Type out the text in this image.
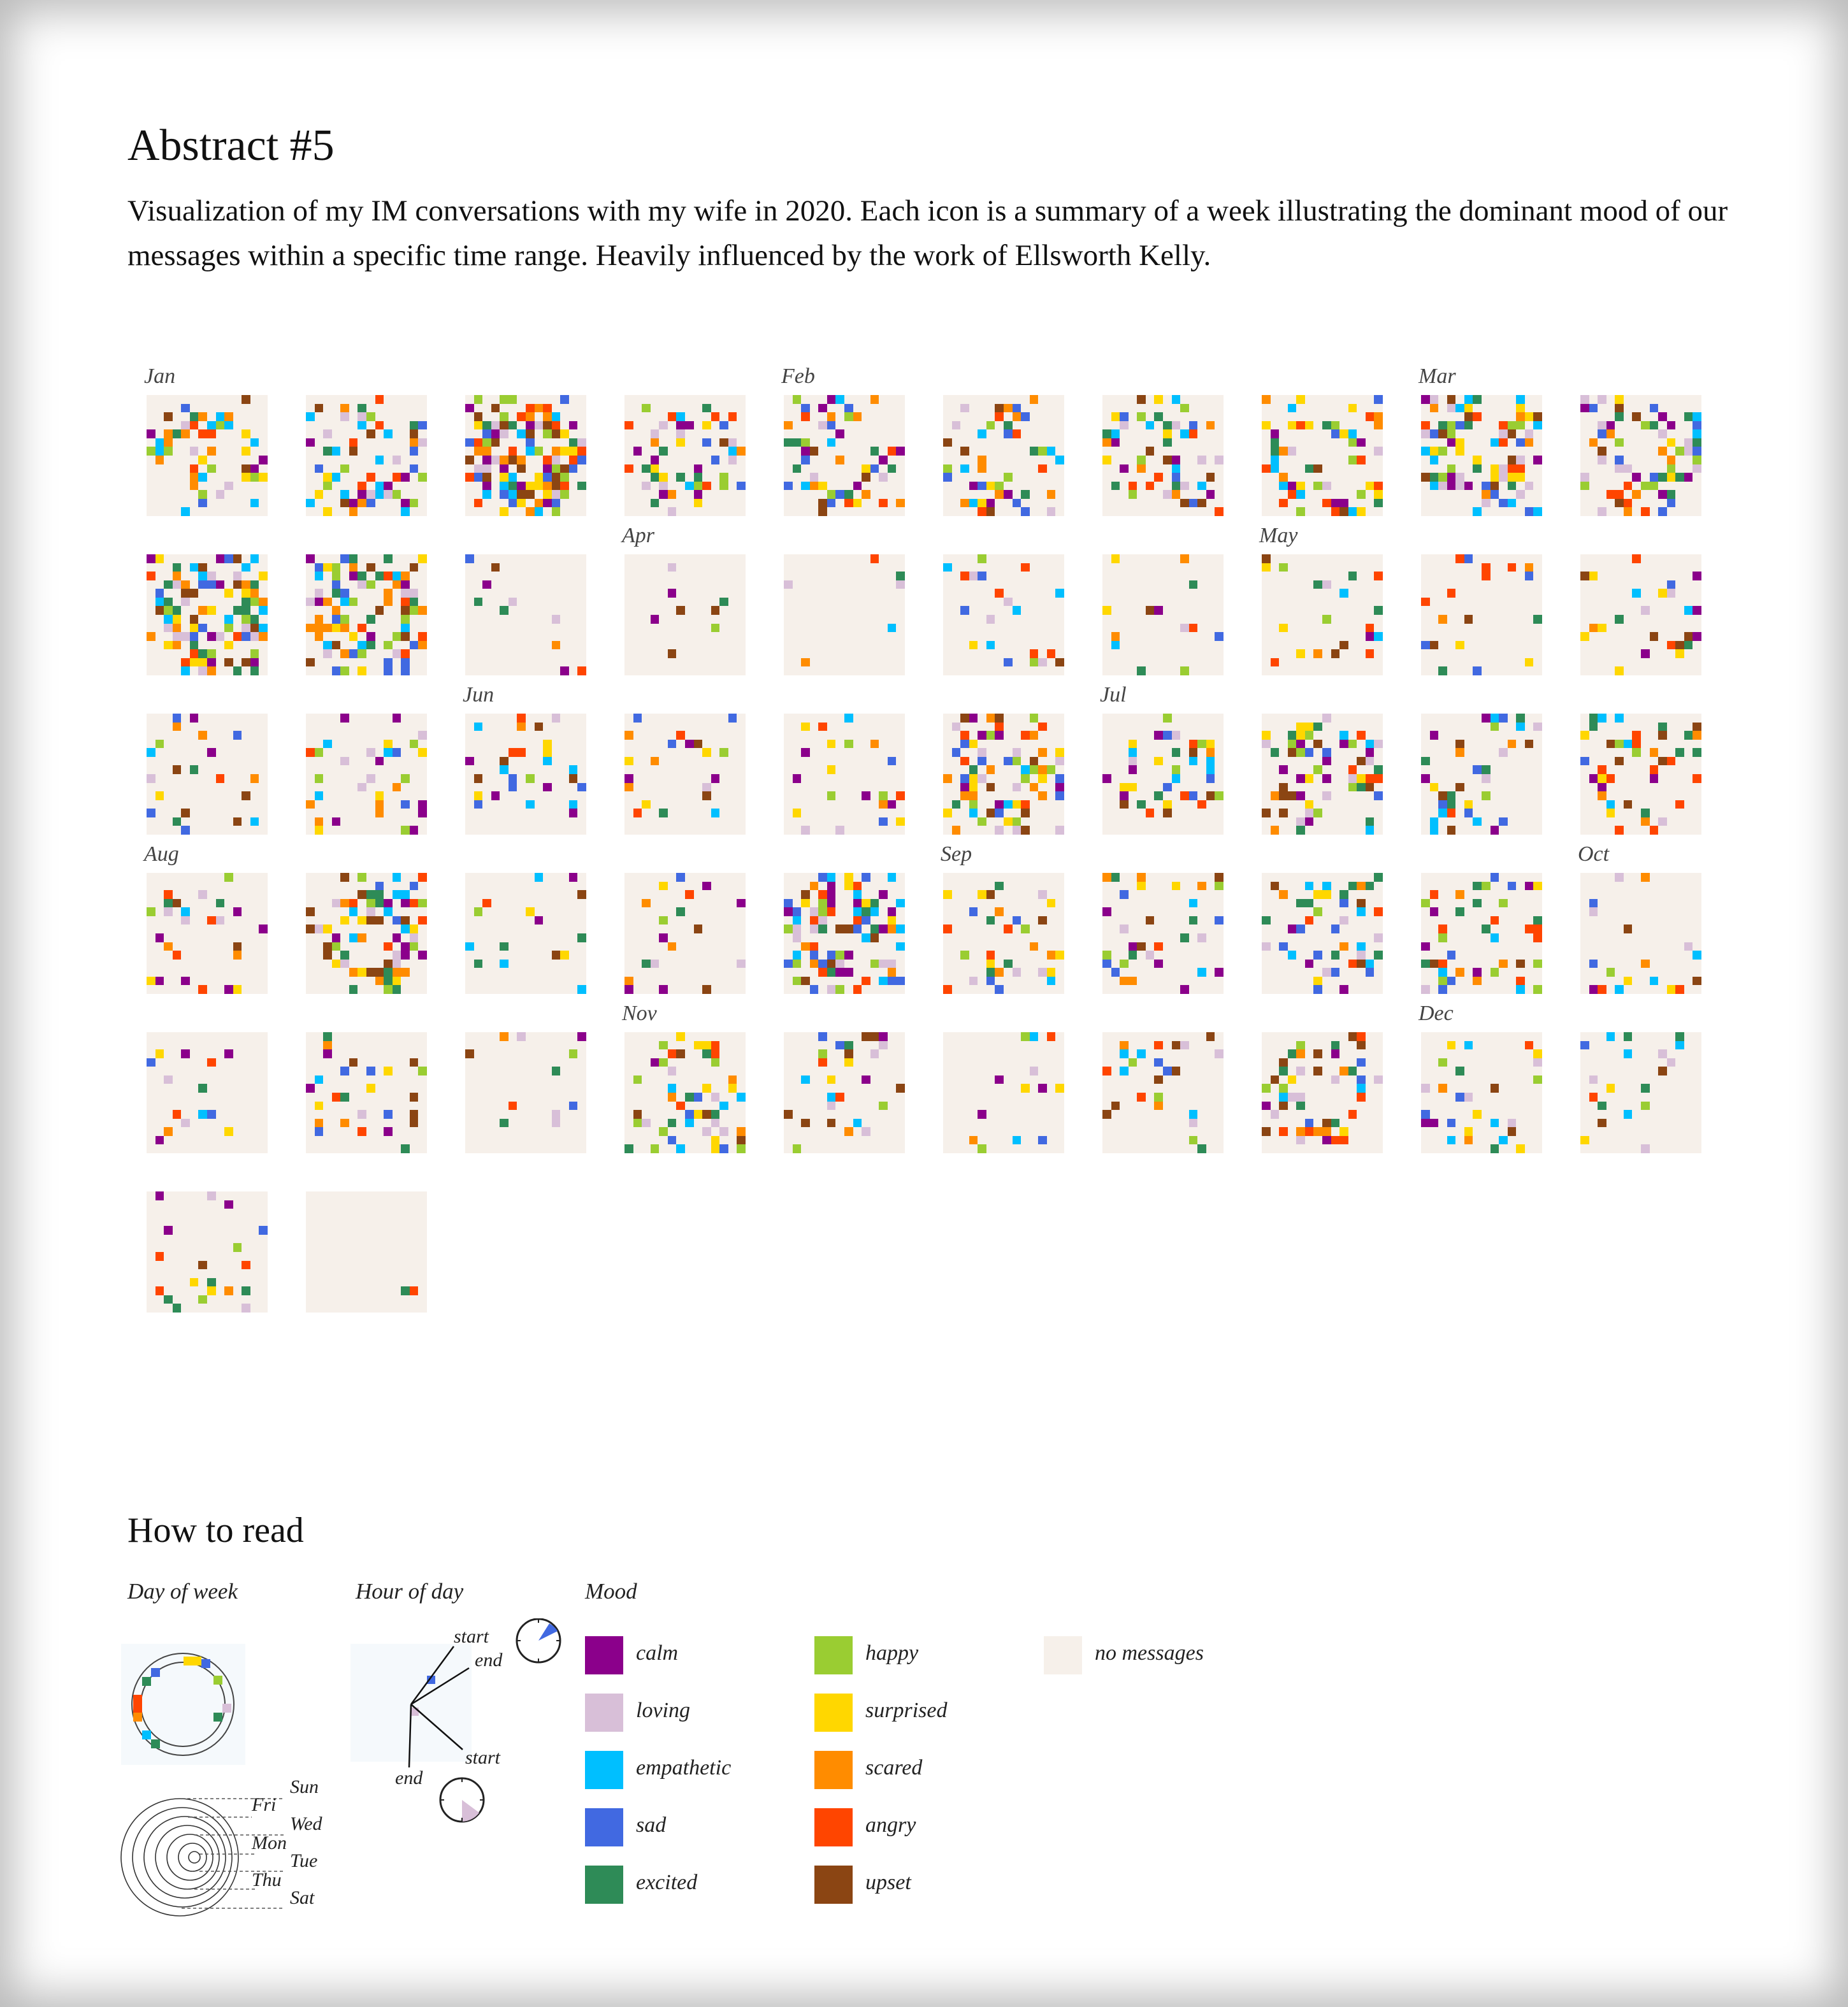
Abstract #5

Visualization of my IM conversations with my wife in 2020. Each icon is a summary of a week illustrating the dominant mood of our messages within a specific time range. Heavily influenced by the work of Ellsworth Kelly.

Jan	Feb	Mar
Apr	May
Jun	Jul
Aug	Sep	Oct
Nov	Dec
How to read
Day of week	Hour of day	Mood
Sun
Fri
Wed
Mon
Tue
Thu
Sat
start
end
start
end
calm
loving
empathetic
sad
excited
happy
surprised
scared
angry
upset
no messages
